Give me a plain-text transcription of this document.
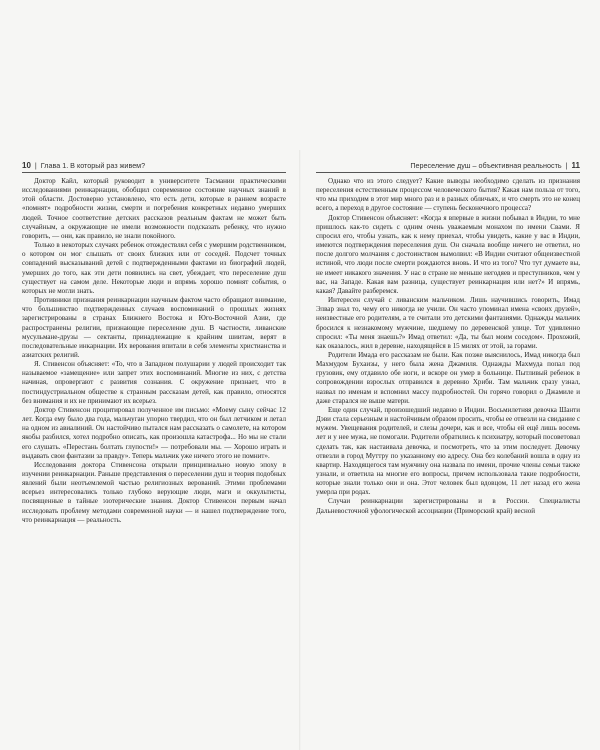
10 | Глава 1. В который раз живем?

Доктор Кайл, который руководит в университете Тасмании практическими исследованиями реинкарнации, обобщил современное состояние научных знаний в этой области. Достоверно установлено, что есть дети, которые в раннем возрасте «помнят» подробности жизни, смерти и погребения конкретных недавно умерших людей. Точное соответствие детских рассказов реальным фактам не может быть случайным, а окружающие не имели возможности подсказать ребенку, что нужно говорить, — они, как правило, не знали покойного.

Только в некоторых случаях ребенок отождествлял себя с умершим родственником, о котором он мог слышать от своих близких или от соседей. Подсчет точных совпадений высказываний детей с подтвержденными фактами из биографий людей, умерших до того, как эти дети появились на свет, убеждает, что переселение душ существует на самом деле. Некоторые люди и впрямь хорошо помнят события, о которых не могли знать.

Противники признания реинкарнации научным фактом часто обращают внимание, что большинство подтвержденных случаев воспоминаний о прошлых жизнях зарегистрированы в странах Ближнего Востока и Юго-Восточной Азии, где распространены религии, признающие переселение душ. В частности, ливанские мусульмане-друзы — сектанты, принадлежащие к крайним шиитам, верят в последовательные инкарнации. Их верования впитали в себя элементы христианства и азиатских религий.

Я. Стивенсон объясняет: «То, что в Западном полушарии у людей происходит так называемое «замещение» или запрет этих воспоминаний. Многие из них, с детства начиная, опровергают с развития сознания. С окружение признает, что в постиндустриальном обществе к странным рассказам детей, как правило, относятся без внимания и их не принимают их всерьез.

Доктор Стивенсон процитировал полученное им письмо: «Моему сыну сейчас 12 лет. Когда ему было два года, мальчуган упорно твердил, что он был летчиком и летал на одном из авиалиний. Он настойчиво пытался нам рассказать о самолете, на котором якобы разбился, хотел подробно описать, как произошла катастрофа... Но мы не стали его слушать. «Перестань болтать глупости!» — потребовали мы. — Хорошо играть и выдавать свои фантазии за правду». Теперь мальчик уже ничего этого не помнит».

Исследования доктора Стивенсона открыли принципиально новую эпоху в изучении реинкарнации. Раньше представления о переселении душ и теория подобных явлений были неотъемлемой частью религиозных верований. Этими проблемами всерьез интересовались только глубоко верующие люди, маги и оккультисты, посвященные в тайные эзотерические знания. Доктор Стивенсон первым начал исследовать проблему методами современной науки — и нашел подтверждение того, что реинкарнация — реальность.

Переселение душ – объективная реальность | 11

Однако что из этого следует? Какие выводы необходимо сделать из признания переселения естественным процессом человеческого бытия? Какая нам польза от того, что мы приходим в этот мир много раз и в разных обличьях, и что смерть это не конец всего, а переход в другое состояние — ступень бесконечного процесса?

Доктор Стивенсон объясняет: «Когда я впервые в жизни побывал в Индии, то мне пришлось как-то сидеть с одним очень уважаемым монахом по имени Свами. Я спросил его, чтобы узнать, как к нему приехал, чтобы увидеть, какие у вас в Индии, имеются подтверждения переселения душ. Он сначала вообще ничего не ответил, но после долгого молчания с достоинством вымолвил: «В Индии считают общеизвестной истиной, что люди после смерти рождаются вновь. И что из того? Что тут думаете вы, не имеет никакого значения. У нас в стране не меньше негодяев и преступников, чем у вас, на Западе. Какая вам разница, существует реинкарнация или нет?» И впрямь, какая? Давайте разберемся.

Интересен случай с ливанским мальчиком. Лишь научившись говорить, Имад Элвар знал то, чему его никогда не учили. Он часто упоминал имена «своих друзей», неизвестные его родителям, а те считали это детскими фантазиями. Однажды мальчик бросился к незнакомому мужчине, шедшему по деревенской улице. Тот удивленно спросил: «Ты меня знаешь?» Имад ответил: «Да, ты был моим соседом». Прохожий, как оказалось, жил в деревне, находящейся в 15 милях от этой, за горами.

Родители Имада его рассказам не были. Как позже выяснилось, Имад никогда был Махмудом Бухаизы, у него была жена Джамиля. Однажды Махмуда попал под грузовик, ему отдавило обе ноги, и вскоре он умер в больнице. Пытливый ребенок в сопровождении взрослых отправился в деревню Хриби. Там мальчик сразу узнал, назвал по именам и вспомнил массу подробностей. Он горячо говорил о Джамиле и даже старался не выше матери.

Еще один случай, произошедший недавно в Индии. Восьмилетняя девочка Шанти Дэви стала серьезным и настойчивым образом просить, чтобы ее отвезли на свидание с мужем. Увещевания родителей, и слезы дочери, как и все, чтобы ей ещё лишь восемь лет и у нее мужа, не помогали. Родители обратились к психиатру, который посоветовал сделать так, как настаивала девочка, и посмотреть, что за этим последует. Девочку отвезли в город Муттру по указанному ею адресу. Она без колебаний вошла в одну из квартир. Находящегося там мужчину она назвала по имени, прочие члены семьи также узнали, и ответила на многие его вопросы, причем использовала такие подробности, которые знали только они и она. Этот человек был вдовцом, 11 лет назад его жена умерла при родах.

Случаи реинкарнации зарегистрированы и в России. Специалисты Дальневосточной уфологической ассоциации (Приморский край) весной
